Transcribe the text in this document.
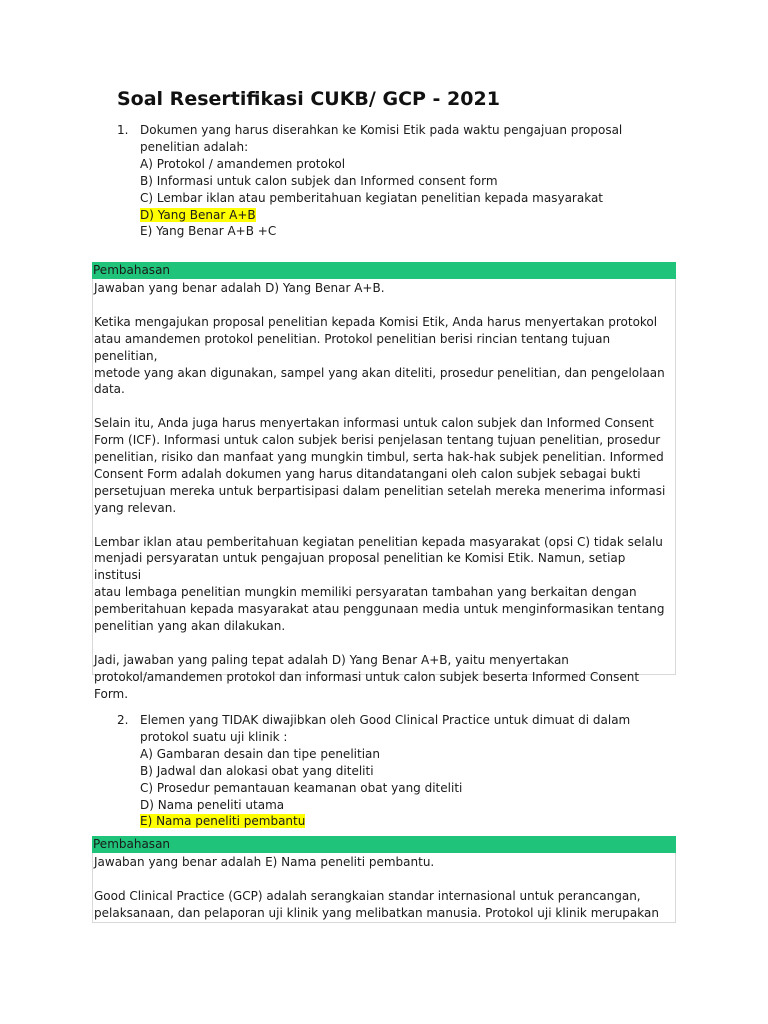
Soal Resertifikasi CUKB/ GCP - 2021
1. Dokumen yang harus diserahkan ke Komisi Etik pada waktu pengajuan proposal
penelitian adalah:
A) Protokol / amandemen protokol
B) Informasi untuk calon subjek dan Informed consent form
C) Lembar iklan atau pemberitahuan kegiatan penelitian kepada masyarakat
D) Yang Benar A+B
E) Yang Benar A+B +C
Pembahasan

Jawaban yang benar adalah D) Yang Benar A+B.

Ketika mengajukan proposal penelitian kepada Komisi Etik, Anda harus menyertakan protokol
atau amandemen protokol penelitian. Protokol penelitian berisi rincian tentang tujuan penelitian,
metode yang akan digunakan, sampel yang akan diteliti, prosedur penelitian, dan pengelolaan
data.

Selain itu, Anda juga harus menyertakan informasi untuk calon subjek dan Informed Consent
Form (ICF). Informasi untuk calon subjek berisi penjelasan tentang tujuan penelitian, prosedur
penelitian, risiko dan manfaat yang mungkin timbul, serta hak-hak subjek penelitian. Informed
Consent Form adalah dokumen yang harus ditandatangani oleh calon subjek sebagai bukti
persetujuan mereka untuk berpartisipasi dalam penelitian setelah mereka menerima informasi
yang relevan.

Lembar iklan atau pemberitahuan kegiatan penelitian kepada masyarakat (opsi C) tidak selalu
menjadi persyaratan untuk pengajuan proposal penelitian ke Komisi Etik. Namun, setiap institusi
atau lembaga penelitian mungkin memiliki persyaratan tambahan yang berkaitan dengan
pemberitahuan kepada masyarakat atau penggunaan media untuk menginformasikan tentang
penelitian yang akan dilakukan.

Jadi, jawaban yang paling tepat adalah D) Yang Benar A+B, yaitu menyertakan
protokol/amandemen protokol dan informasi untuk calon subjek beserta Informed Consent
Form.

2. Elemen yang TIDAK diwajibkan oleh Good Clinical Practice untuk dimuat di dalam
protokol suatu uji klinik :
A) Gambaran desain dan tipe penelitian
B) Jadwal dan alokasi obat yang diteliti
C) Prosedur pemantauan keamanan obat yang diteliti
D) Nama peneliti utama
E) Nama peneliti pembantu
Pembahasan

Jawaban yang benar adalah E) Nama peneliti pembantu.

Good Clinical Practice (GCP) adalah serangkaian standar internasional untuk perancangan,
pelaksanaan, dan pelaporan uji klinik yang melibatkan manusia. Protokol uji klinik merupakan
